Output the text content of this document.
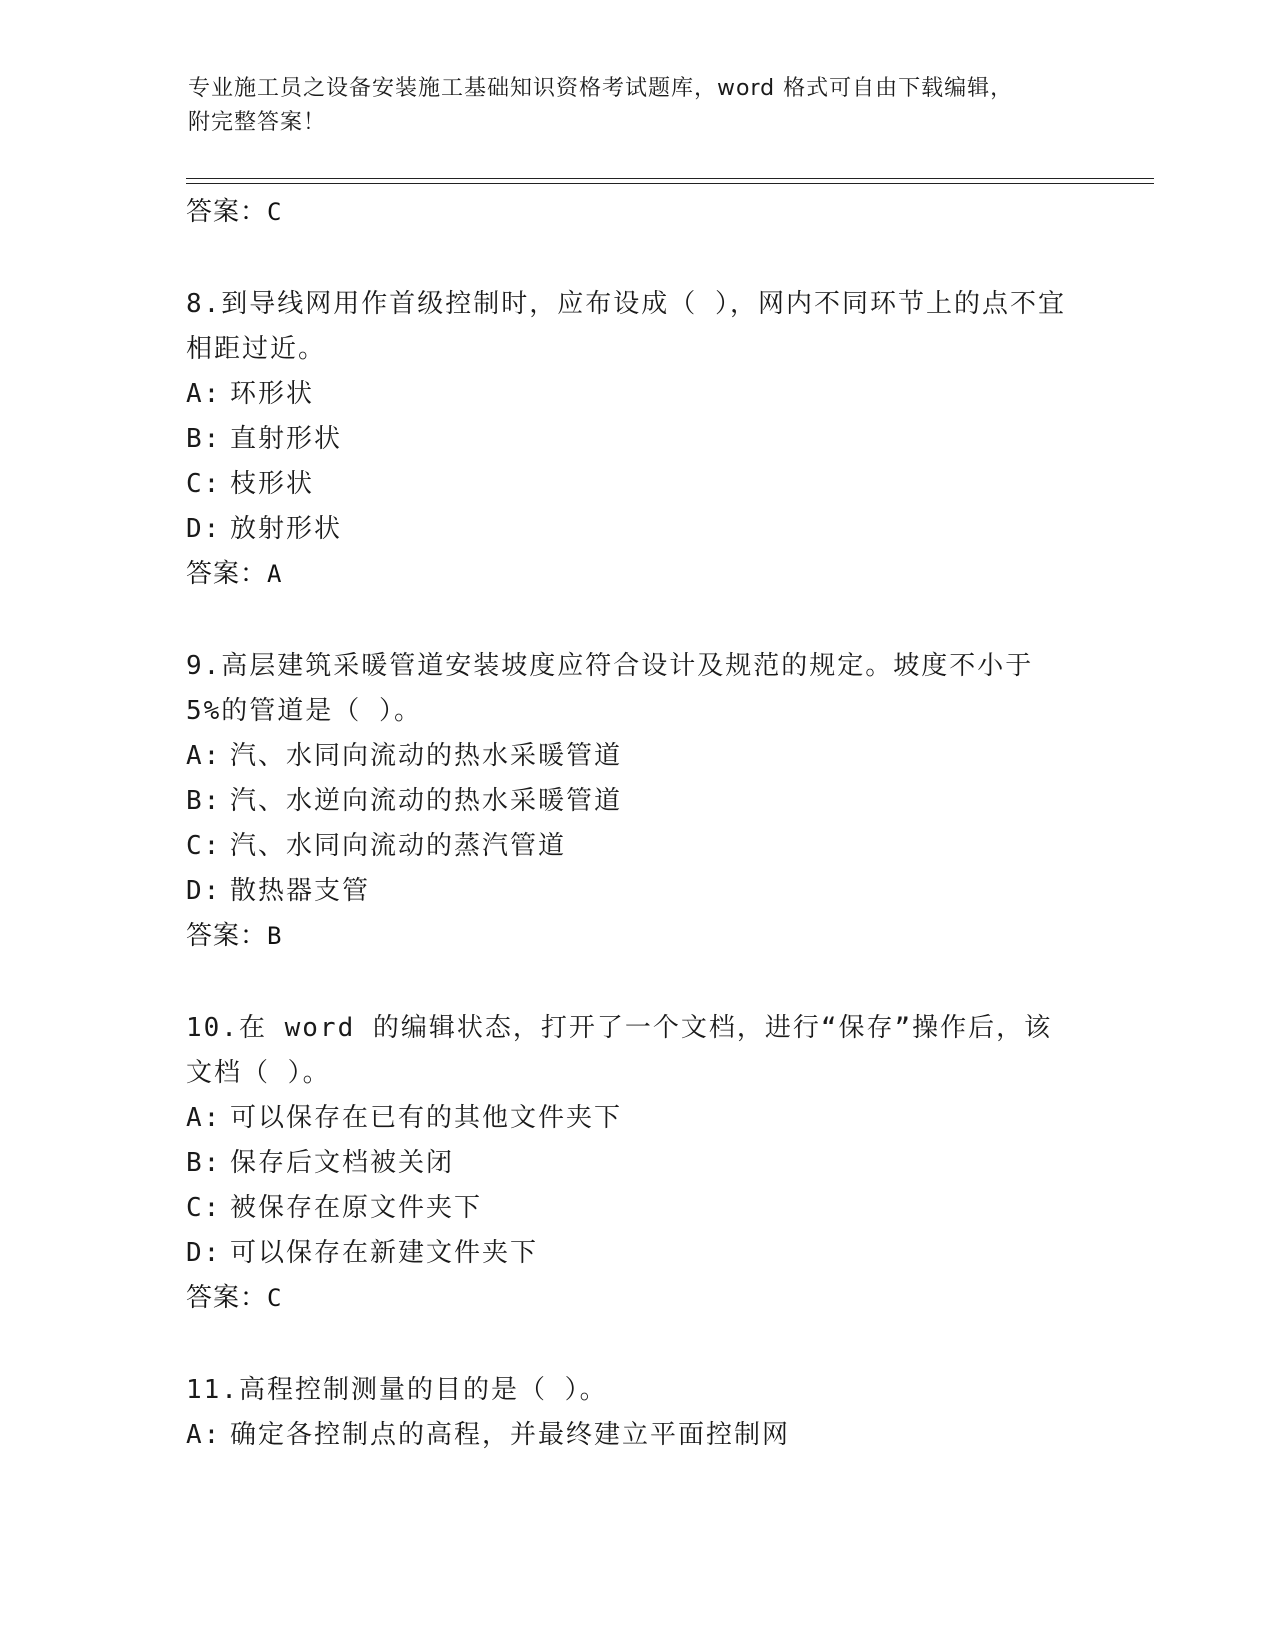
专业施工员之设备安装施工基础知识资格考试题库，word 格式可自由下载编辑，
附完整答案！
答案：C

8.到导线网用作首级控制时，应布设成（ ），网内不同环节上的点不宜相距过近。

A: 环形状
B: 直射形状
C: 枝形状
D: 放射形状
答案：A

9.高层建筑采暖管道安装坡度应符合设计及规范的规定。坡度不小于5%的管道是（ ）。

A: 汽、水同向流动的热水采暖管道
B: 汽、水逆向流动的热水采暖管道
C: 汽、水同向流动的蒸汽管道
D: 散热器支管
答案：B

10.在 word 的编辑状态，打开了一个文档，进行“保存”操作后，该文档（ ）。

A: 可以保存在已有的其他文件夹下
B: 保存后文档被关闭
C: 被保存在原文件夹下
D: 可以保存在新建文件夹下
答案：C

11.高程控制测量的目的是（ ）。

A: 确定各控制点的高程，并最终建立平面控制网
